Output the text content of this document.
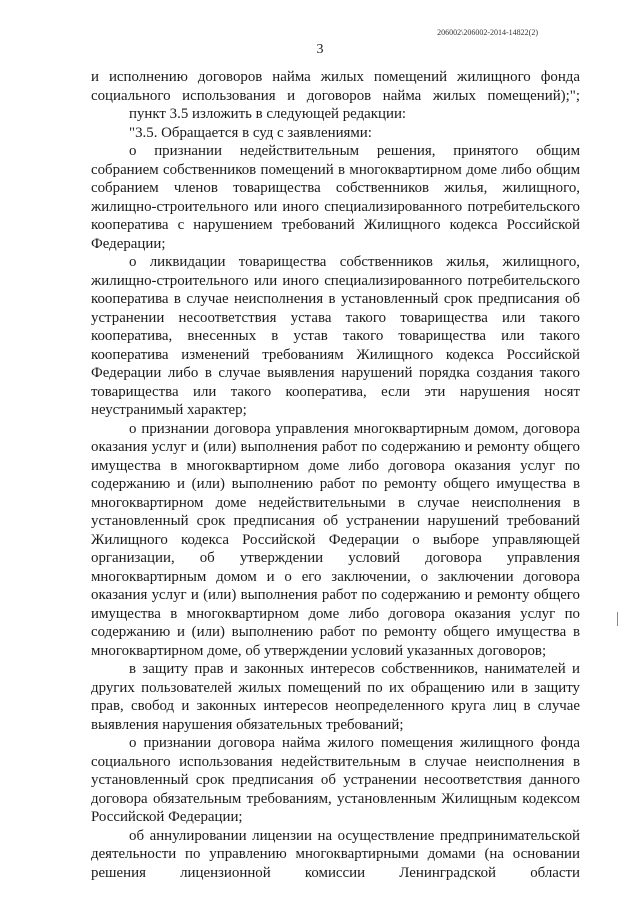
206002\206002-2014-14822(2)
3

и исполнению договоров найма жилых помещений жилищного фонда социального использования и договоров найма жилых помещений);";

пункт 3.5 изложить в следующей редакции:

"3.5. Обращается в суд с заявлениями:

о признании недействительным решения, принятого общим собранием собственников помещений в многоквартирном доме либо общим собранием членов товарищества собственников жилья, жилищного, жилищно-строительного или иного специализированного потребительского кооператива с нарушением требований Жилищного кодекса Российской Федерации;

о ликвидации товарищества собственников жилья, жилищного, жилищно-строительного или иного специализированного потребительского кооператива в случае неисполнения в установленный срок предписания об устранении несоответствия устава такого товарищества или такого кооператива, внесенных в устав такого товарищества или такого кооператива изменений требованиям Жилищного кодекса Российской Федерации либо в случае выявления нарушений порядка создания такого товарищества или такого кооператива, если эти нарушения носят неустранимый характер;

о признании договора управления многоквартирным домом, договора оказания услуг и (или) выполнения работ по содержанию и ремонту общего имущества в многоквартирном доме либо договора оказания услуг по содержанию и (или) выполнению работ по ремонту общего имущества в многоквартирном доме недействительными в случае неисполнения в установленный срок предписания об устранении нарушений требований Жилищного кодекса Российской Федерации о выборе управляющей организации, об утверждении условий договора управления многоквартирным домом и о его заключении, о заключении договора оказания услуг и (или) выполнения работ по содержанию и ремонту общего имущества в многоквартирном доме либо договора оказания услуг по содержанию и (или) выполнению работ по ремонту общего имущества в многоквартирном доме, об утверждении условий указанных договоров;

в защиту прав и законных интересов собственников, нанимателей и других пользователей жилых помещений по их обращению или в защиту прав, свобод и законных интересов неопределенного круга лиц в случае выявления нарушения обязательных требований;

о признании договора найма жилого помещения жилищного фонда социального использования недействительным в случае неисполнения в установленный срок предписания об устранении несоответствия данного договора обязательным требованиям, установленным Жилищным кодексом Российской Федерации;

об аннулировании лицензии на осуществление предпринимательской деятельности по управлению многоквартирными домами (на основании решения лицензионной комиссии Ленинградской области
